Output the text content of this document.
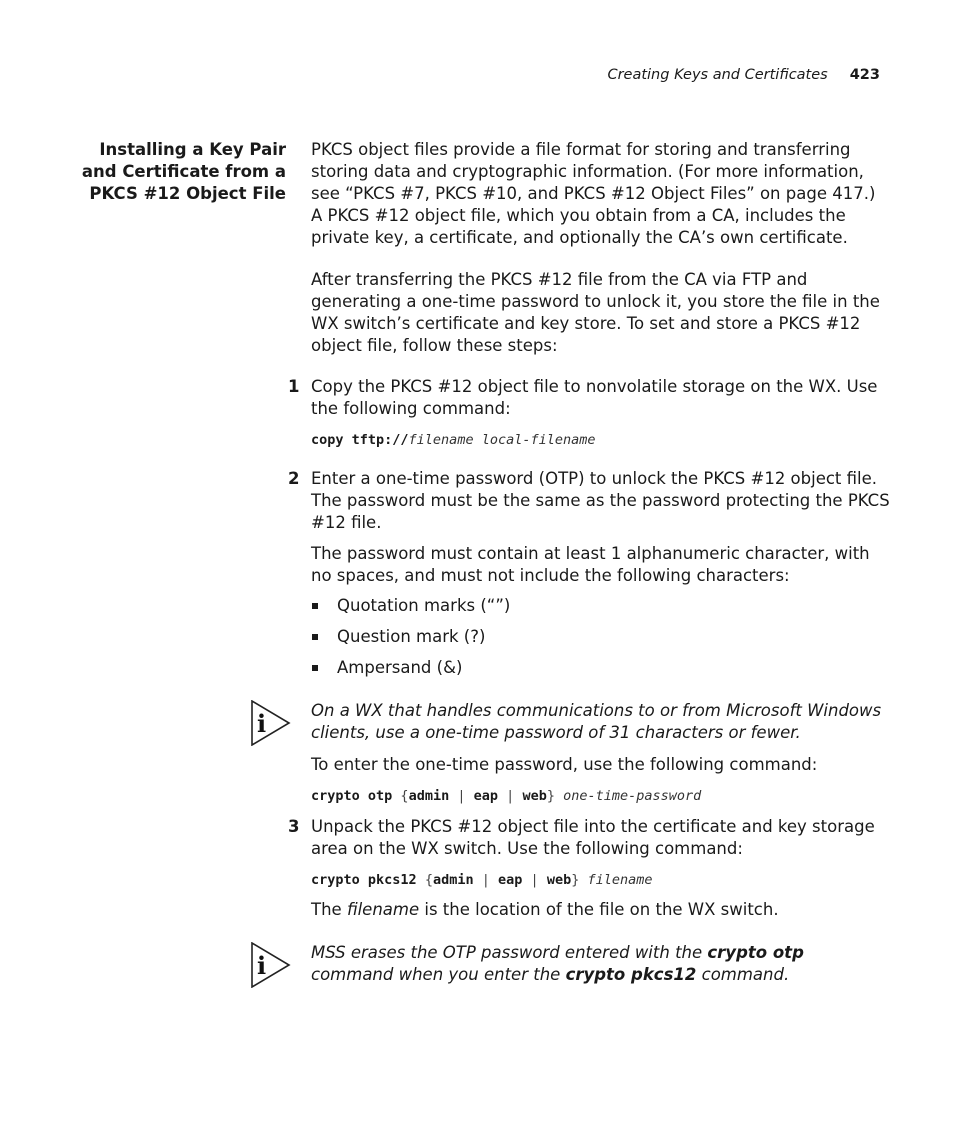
Creating Keys and Certificates 423
Installing a Key Pair
and Certificate from a
PKCS #12 Object File

PKCS object files provide a file format for storing and transferring storing data and cryptographic information. (For more information, see “PKCS #7, PKCS #10, and PKCS #12 Object Files” on page 417.) A PKCS #12 object file, which you obtain from a CA, includes the private key, a certificate, and optionally the CA’s own certificate.

After transferring the PKCS #12 file from the CA via FTP and generating a one-time password to unlock it, you store the file in the WX switch’s certificate and key store. To set and store a PKCS #12 object file, follow these steps:

1 Copy the PKCS #12 object file to nonvolatile storage on the WX. Use the following command:

copy tftp://filename local-filename
2 Enter a one-time password (OTP) to unlock the PKCS #12 object file. The password must be the same as the password protecting the PKCS #12 file.

The password must contain at least 1 alphanumeric character, with no spaces, and must not include the following characters:

Quotation marks (“”)
Question mark (?)
Ampersand (&)
i	On a WX that handles communications to or from Microsoft Windows clients, use a one-time password of 31 characters or fewer.

To enter the one-time password, use the following command:

crypto otp {admin | eap | web} one-time-password
3 Unpack the PKCS #12 object file into the certificate and key storage area on the WX switch. Use the following command:

crypto pkcs12 {admin | eap | web} filename

The filename is the location of the file on the WX switch.

i	MSS erases the OTP password entered with the crypto otp command when you enter the crypto pkcs12 command.
